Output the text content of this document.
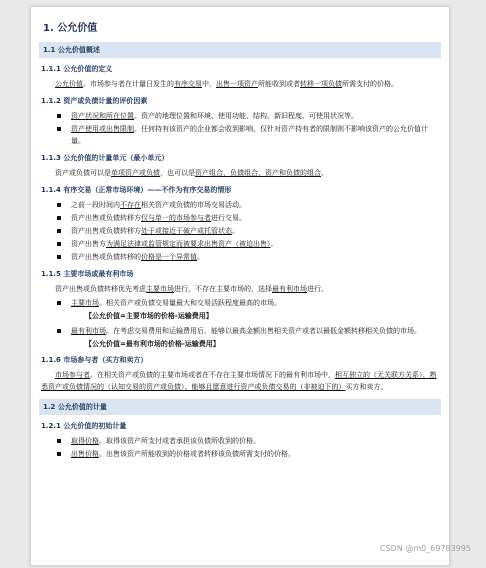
1. 公允价值
1.1 公允价值概述
1.1.1 公允价值的定义
公允价值。市场参与者在计量日发生的有序交易中，出售一项资产所能收到或者转移一项负债所需支付的价格。
1.1.2 资产或负债计量的评价因素
资产状况和所在位置。资产的地理位置和环境、使用功能、结构、新旧程度、可使用状况等。
资产使用或出售限制。任何持有该资产的企业都会收到影响，仅针对资产持有者的限制则不影响该资产的公允价值计量。
1.1.3 公允价值的计量单元（最小单元）
资产或负债可以是单项资产或负债，也可以是资产组合、负债组合、资产和负债的组合。
1.1.4 有序交易（正常市场环境）——不作为有序交易的情形
之前一段时间内不存在相关资产或负债的市场交易活动。
资产出售或负债转移方仅与单一的市场参与者进行交易。
资产出售或负债转移方处于或接近于破产或托管状态。
资产出售方为满足法律或监管规定而被要求出售资产（被迫出售）。
资产出售或负债转移的价格是一个异常值。
1.1.5 主要市场或最有利市场
资产出售或负债转移优先考虑主要市场进行，不存在主要市场的，选择最有利市场进行。
主要市场。相关资产或负债交易量最大和交易活跃程度最高的市场。
【公允价值=主要市场的价格-运输费用】
最有利市场。在考虑交易费用和运输费用后，能够以最高金额出售相关资产或者以最低金额转移相关负债的市场。
【公允价值=最有利市场的价格-运输费用】
1.1.6 市场参与者（买方和卖方）
市场参与者。在相关资产或负债的主要市场或者在不存在主要市场情况下的最有利市场中，相互独立的（无关联方关系）、熟悉资产或负债情况的（认知交易的资产或负债）、能够且愿意进行资产或负债交易的（非被迫下的）买方和卖方。
1.2 公允价值的计量
1.2.1 公允价值的初始计量
取得价格。取得该资产所支付或者承担该负债所收到的价格。
出售价格。出售该资产所能收到的价格或者转移该负债所需支付的价格。
CSDN @m0_69783995
